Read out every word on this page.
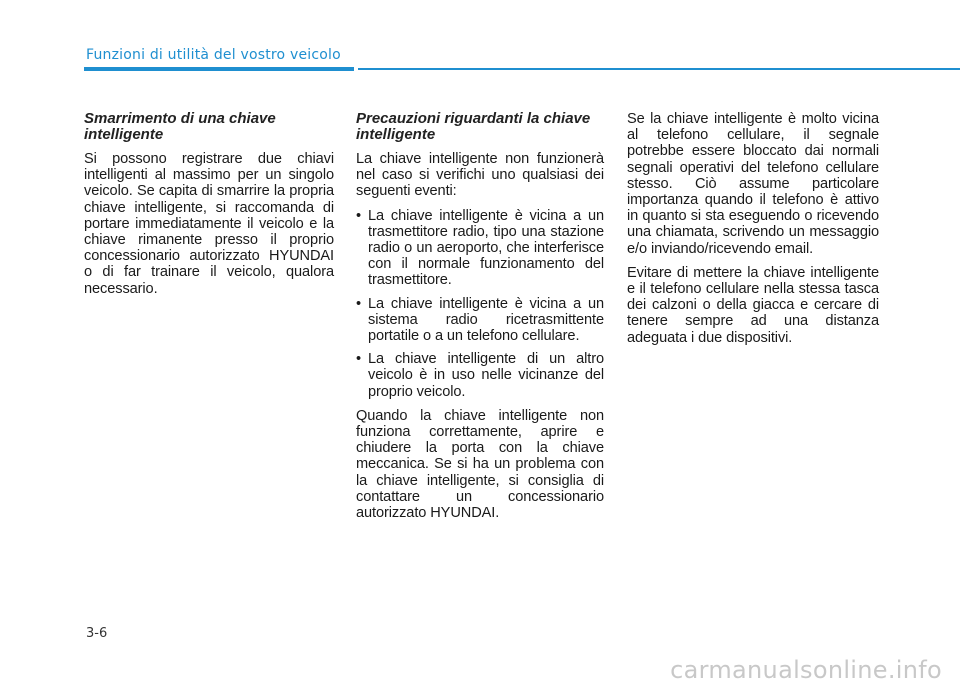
Funzioni di utilità del vostro veicolo
Smarrimento di una chiave intelligente

Si possono registrare due chiavi intelligenti al massimo per un singolo veicolo. Se capita di smarrire la propria chiave intelligente, si raccomanda di portare immediatamente il veicolo e la chiave rimanente presso il proprio concessionario autorizzato HYUNDAI o di far trainare il veicolo, qualora necessario.

Precauzioni riguardanti la chiave intelligente

La chiave intelligente non funzionerà nel caso si verifichi uno qualsiasi dei seguenti eventi:

• La chiave intelligente è vicina a un trasmettitore radio, tipo una stazione radio o un aeroporto, che interferisce con il normale funzionamento del trasmettitore.
• La chiave intelligente è vicina a un sistema radio ricetrasmittente portatile o a un telefono cellulare.
• La chiave intelligente di un altro veicolo è in uso nelle vicinanze del proprio veicolo.

Quando la chiave intelligente non funziona correttamente, aprire e chiudere la porta con la chiave meccanica. Se si ha un problema con la chiave intelligente, si consiglia di contattare un concessionario autorizzato HYUNDAI.

Se la chiave intelligente è molto vicina al telefono cellulare, il segnale potrebbe essere bloccato dai normali segnali operativi del telefono cellulare stesso. Ciò assume particolare importanza quando il telefono è attivo in quanto si sta eseguendo o ricevendo una chiamata, scrivendo un messaggio e/o inviando/ricevendo email.

Evitare di mettere la chiave intelligente e il telefono cellulare nella stessa tasca dei calzoni o della giacca e cercare di tenere sempre ad una distanza adeguata i due dispositivi.

3-6
carmanualsonline.info
